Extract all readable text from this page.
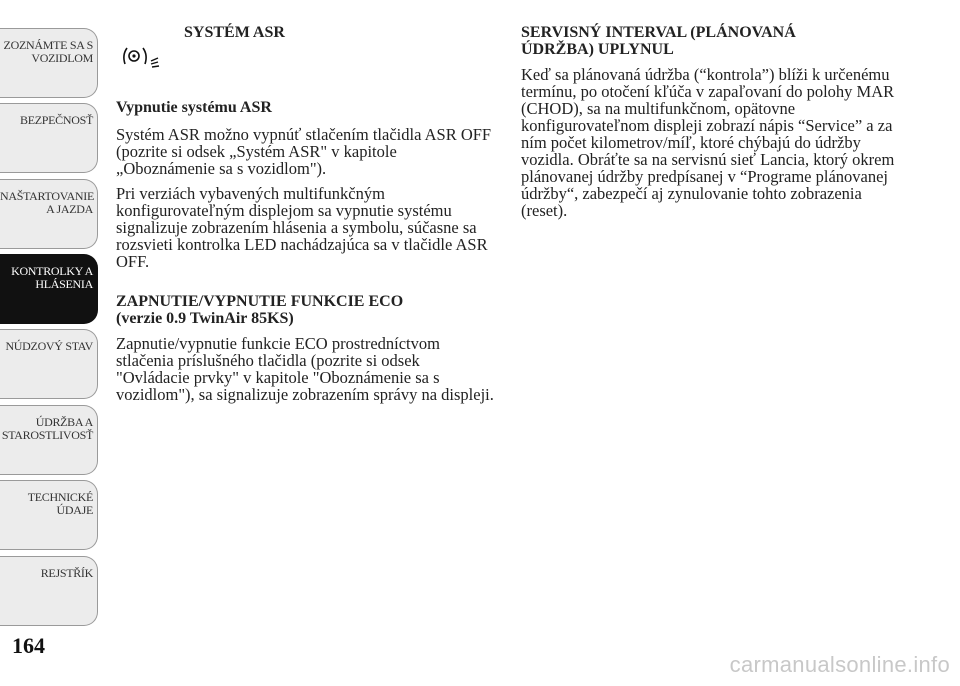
ZOZNÁMTE SA S
VOZIDLOM
BEZPEČNOSŤ
NAŠTARTOVANIE
A JAZDA
KONTROLKY A
HLÁSENIA
NÚDZOVÝ STAV
ÚDRŽBA A
STAROSTLIVOSŤ
TECHNICKÉ
ÚDAJE
REJSTŘÍK
164

SYSTÉM ASR

Vypnutie systému ASR

Systém ASR možno vypnúť stlačením tlačidla ASR OFF (pozrite si odsek „Systém ASR" v kapitole „Oboznámenie sa s vozidlom").

Pri verziách vybavených multifunkčným konfigurovateľným displejom sa vypnutie systému signalizuje zobrazením hlásenia a symbolu, súčasne sa rozsvieti kontrolka LED nachádzajúca sa v tlačidle ASR OFF.

ZAPNUTIE/VYPNUTIE FUNKCIE ECO

(verzie 0.9 TwinAir 85KS)

Zapnutie/vypnutie funkcie ECO prostredníctvom stlačenia príslušného tlačidla (pozrite si odsek "Ovládacie prvky" v kapitole "Oboznámenie sa s vozidlom"), sa signalizuje zobrazením správy na displeji.

SERVISNÝ INTERVAL (PLÁNOVANÁ

ÚDRŽBA) UPLYNUL

Keď sa plánovaná údržba (“kontrola”) blíži k určenému termínu, po otočení kľúča v zapaľovaní do polohy MAR (CHOD), sa na multifunkčnom, opätovne konfigurovateľnom displeji zobrazí nápis “Service” a za ním počet kilometrov/míľ, ktoré chýbajú do údržby vozidla. Obráťte sa na servisnú sieť Lancia, ktorý okrem plánovanej údržby predpísanej v “Programe plánovanej údržby“, zabezpečí aj zynulovanie tohto zobrazenia (reset).

carmanualsonline.info
